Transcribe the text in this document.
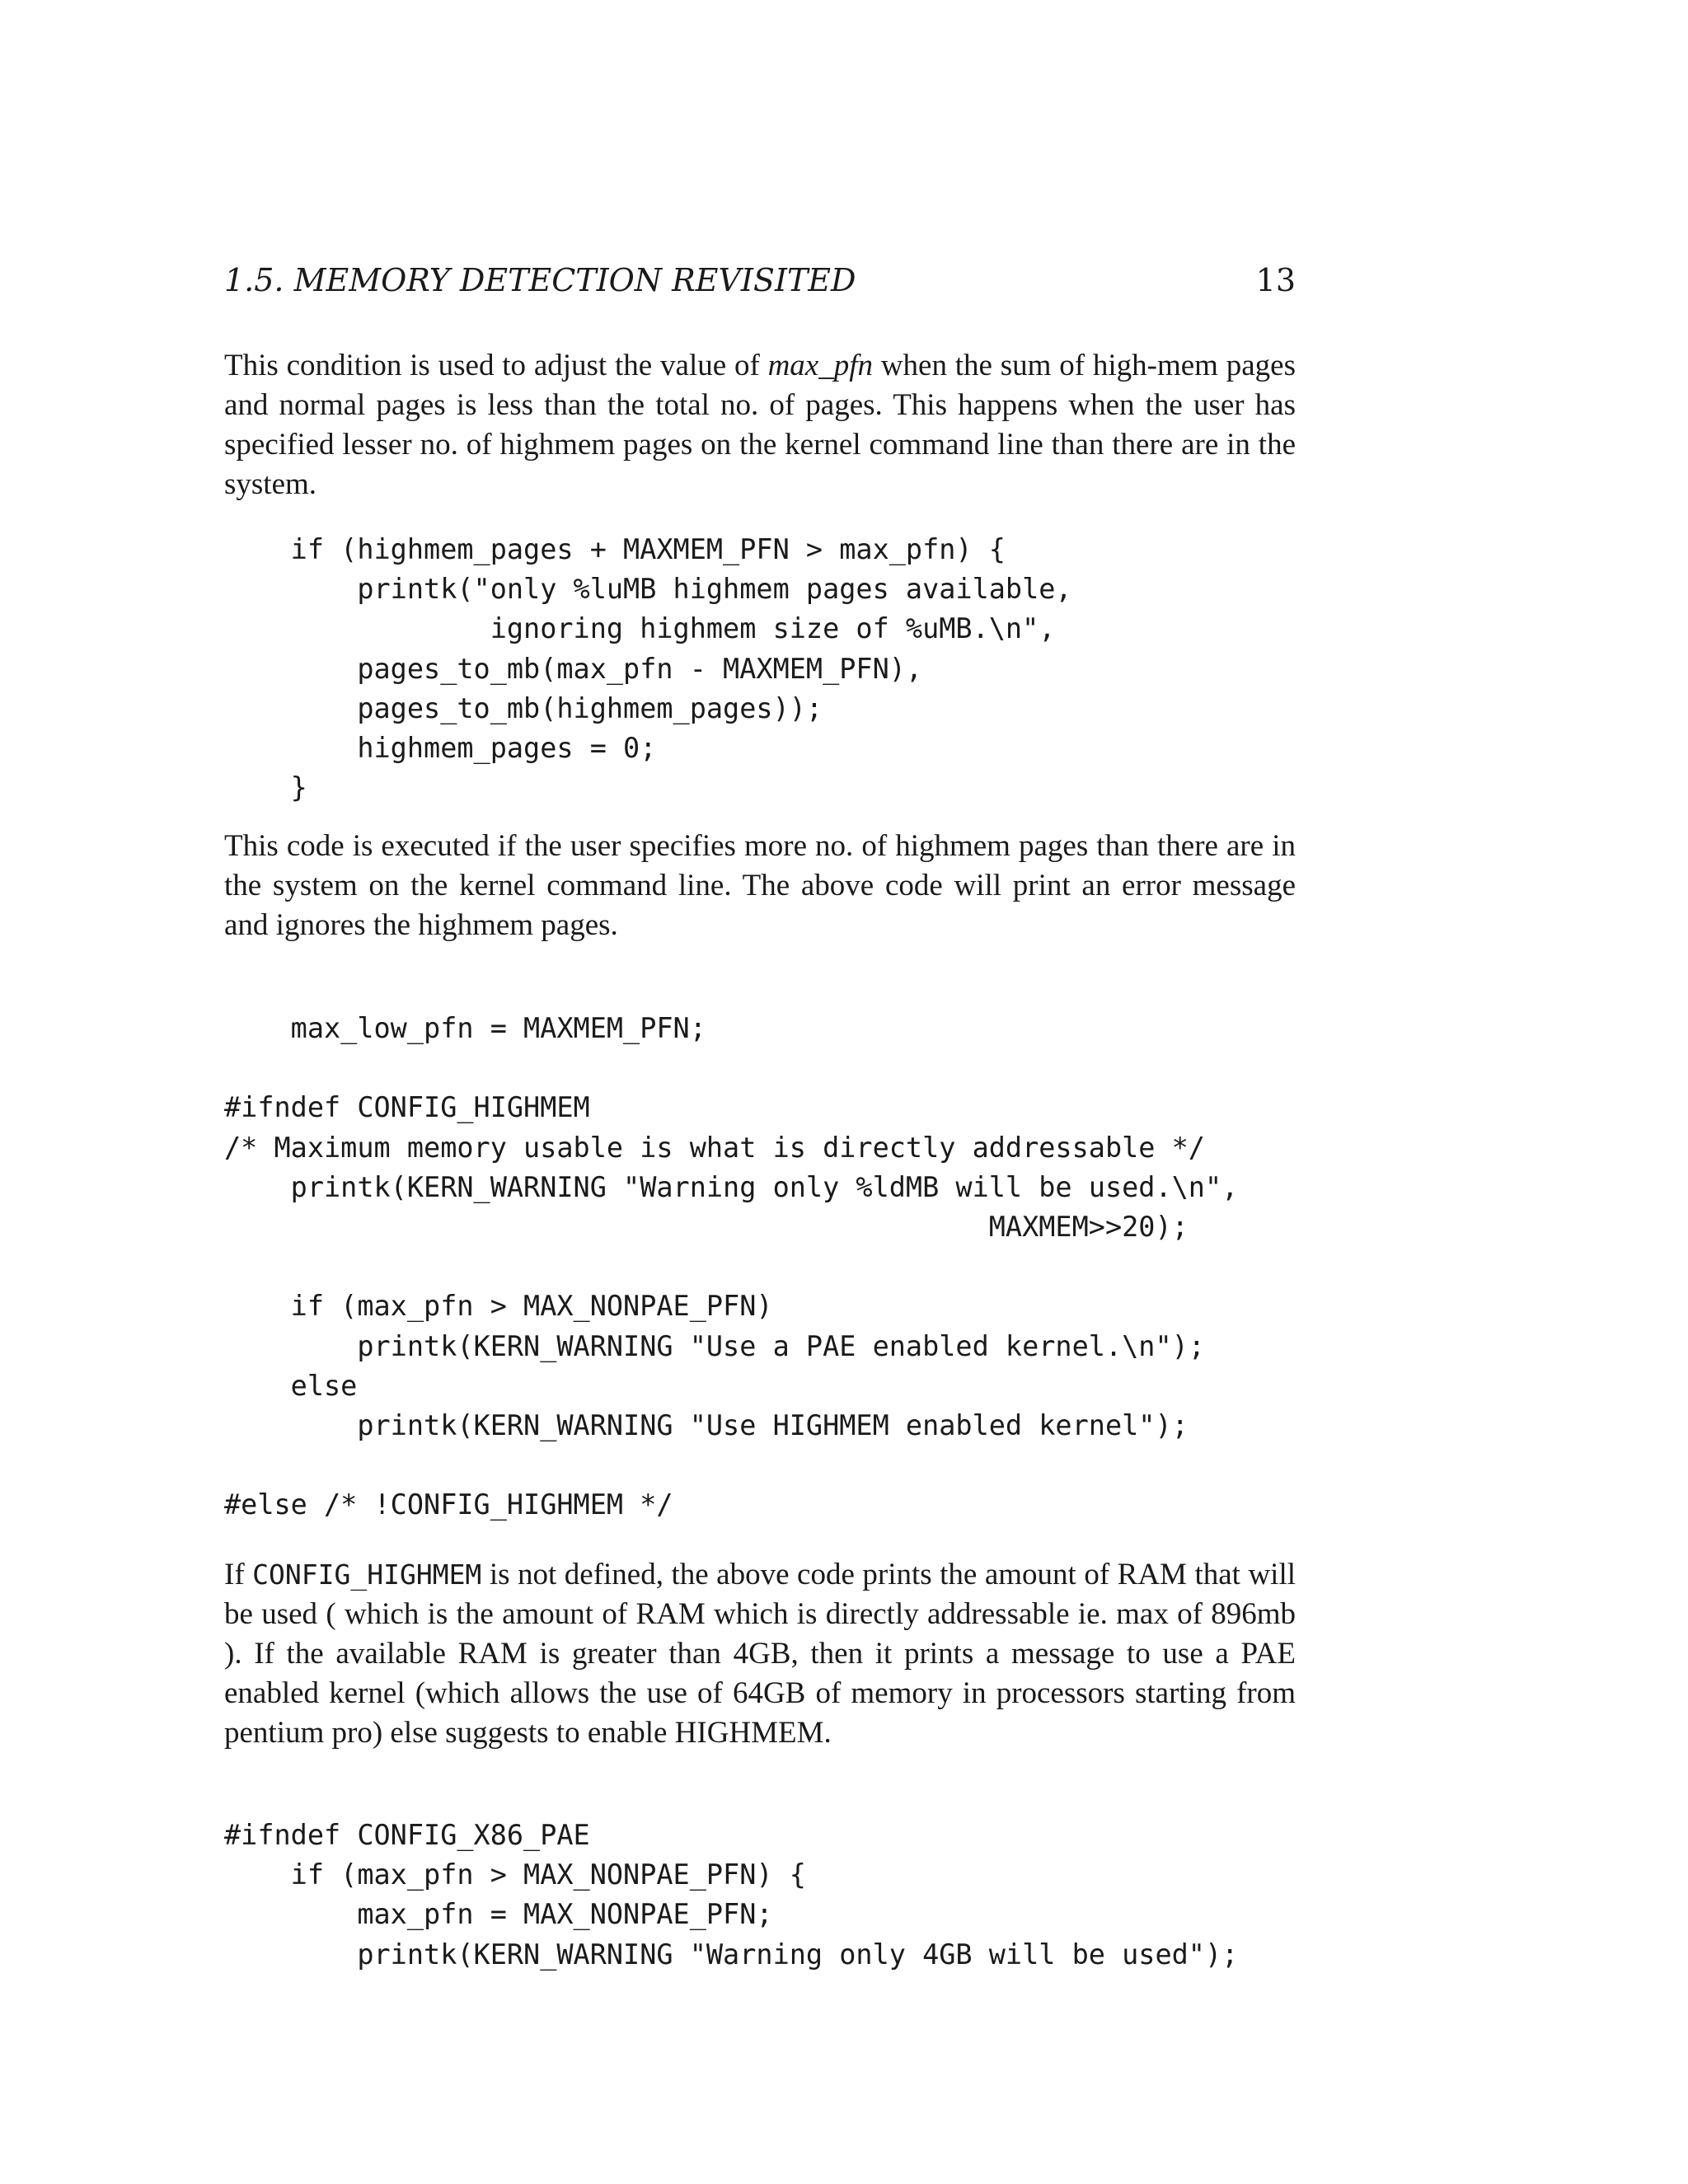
1.5. MEMORY DETECTION REVISITED	13

This condition is used to adjust the value of max_pfn when the sum of high-mem pages and normal pages is less than the total no. of pages. This happens when the user has specified lesser no. of highmem pages on the kernel command line than there are in the system.

if (highmem_pages + MAXMEM_PFN > max_pfn) {
printk("only %luMB highmem pages available,
ignoring highmem size of %uMB.\n",
pages_to_mb(max_pfn - MAXMEM_PFN),
pages_to_mb(highmem_pages));
highmem_pages = 0;
}

This code is executed if the user specifies more no. of highmem pages than there are in the system on the kernel command line. The above code will print an error message and ignores the highmem pages.

max_low_pfn = MAXMEM_PFN;

#ifndef CONFIG_HIGHMEM
/* Maximum memory usable is what is directly addressable */
printk(KERN_WARNING "Warning only %ldMB will be used.\n",
MAXMEM>>20);

if (max_pfn > MAX_NONPAE_PFN)
printk(KERN_WARNING "Use a PAE enabled kernel.\n");
else
printk(KERN_WARNING "Use HIGHMEM enabled kernel");

#else /* !CONFIG_HIGHMEM */

If CONFIG_HIGHMEM is not defined, the above code prints the amount of RAM that will be used ( which is the amount of RAM which is directly addressable ie. max of 896mb ). If the available RAM is greater than 4GB, then it prints a message to use a PAE enabled kernel (which allows the use of 64GB of memory in processors starting from pentium pro) else suggests to enable HIGHMEM.

#ifndef CONFIG_X86_PAE
if (max_pfn > MAX_NONPAE_PFN) {
max_pfn = MAX_NONPAE_PFN;
printk(KERN_WARNING "Warning only 4GB will be used");
